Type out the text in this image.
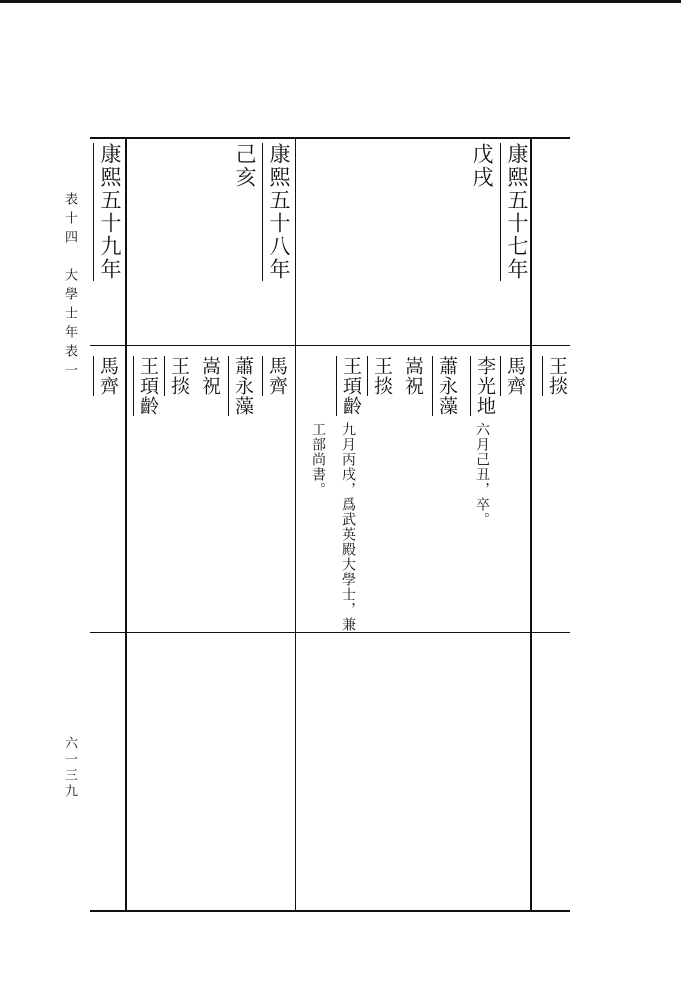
表十四　大學士年表一
六一三九
康熙五十七年
戊戌
康熙五十八年
己亥
康熙五十九年
王掞
馬齊
李光地
六月己丑，卒。
蕭永藻
嵩祝
王掞
王頊齡
九月丙戌，爲武英殿大學士，兼
工部尚書。
馬齊
蕭永藻
嵩祝
王掞
王頊齡
馬齊
